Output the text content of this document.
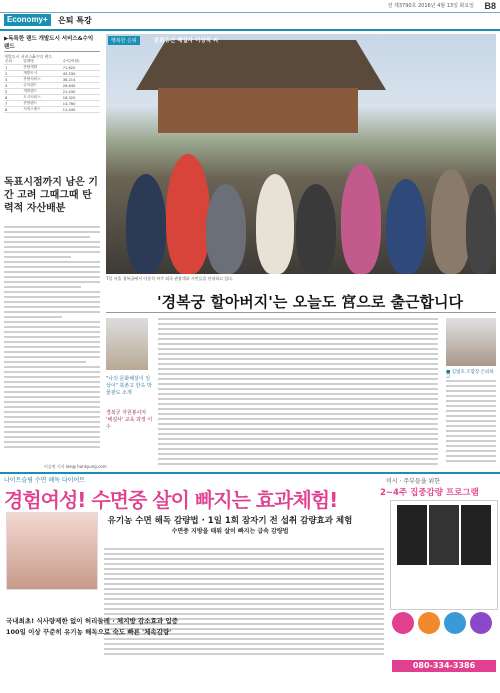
전 제3790호 2016년 4월 13일 화요일 B8
Economy+	은퇴 특강
▶독특한 랜드 개발도시 서비스&수익 랜드
개발도시 서비스&수익 랜드
순위	업체명	수익(억원)
1	종합개발	71,620
2	개발도시	45,530
3	종합서비스	36,214
4	수익랜드	28,640
5	개발랜드	21,430
6	도시서비스	18,320
7	종합랜드	14,760
8	서비스랜드	12,040
독표시점까지 남은 기간 고려 그때그때 탄력적 자산배분
이승연 기자 lee@ hankyung.com
행복한 은퇴	문화유산 해설사 이상석 씨
7일 서울 경복궁에서 이상석 씨가 외국 관광객과 시민들을 안내하고 있다.
'경복궁 할아버지'는 오늘도 宮으로 출근합니다
"나의 문화해설이 일상이" 북촌고 한옥 박물관도 소개
경복궁 자원봉사자 '해설사' 교육 과정 이수
■ 김범호 조합장 은퇴하고
나이트슬림 수면 해독 다이어트
경험여성! 수면중 살이 빠지는 효과체험!
미시 · 주부들을 위한
2~4주 집중감량 프로그램
유기농 수면 해독 감량법 · 1일 1회 잠자기 전 섭취 감량효과 체험
수면중 지방을 태워 살이 빠지는 급속 감량법
국내최초! 식사량제한 없이 허리둘레 · 체지방 감소효과 입증
100일 이상 꾸준히 유기농 해독으로 숙도 빠른 '체속감량'
080-334-3386
